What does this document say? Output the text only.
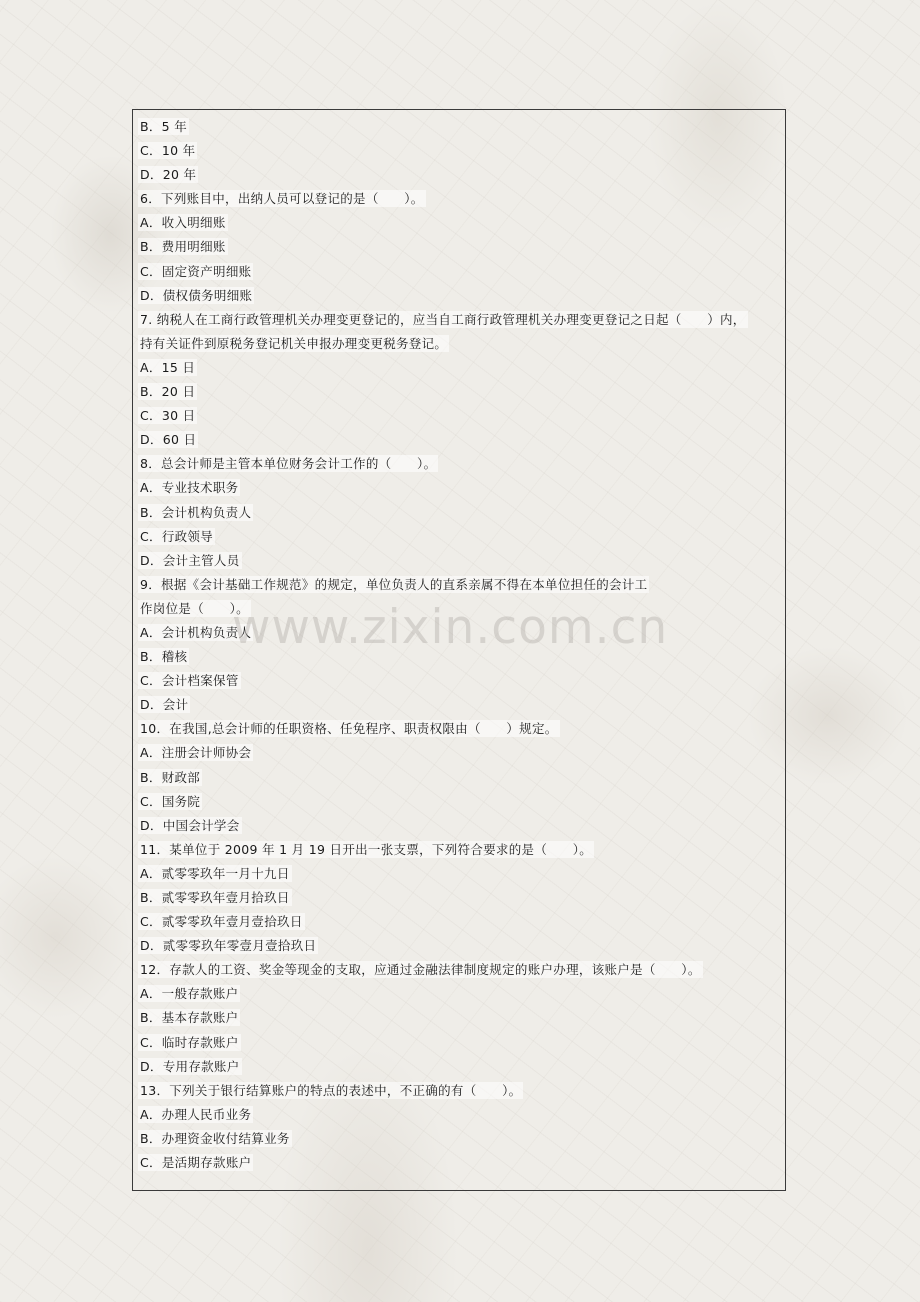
B．5 年
C．10 年
D．20 年
6．下列账目中，出纳人员可以登记的是（　　）。
A．收入明细账
B．费用明细账
C．固定资产明细账
D．债权债务明细账
7. 纳税人在工商行政管理机关办理变更登记的，应当自工商行政管理机关办理变更登记之日起（　　）内，
持有关证件到原税务登记机关申报办理变更税务登记。
A．15 日
B．20 日
C．30 日
D．60 日
8．总会计师是主管本单位财务会计工作的（　　）。
A．专业技术职务
B．会计机构负责人
C．行政领导
D．会计主管人员
9．根据《会计基础工作规范》的规定，单位负责人的直系亲属不得在本单位担任的会计工
作岗位是（　　）。
A．会计机构负责人
B．稽核
C．会计档案保管
D．会计
10．在我国,总会计师的任职资格、任免程序、职责权限由（　　）规定。
A．注册会计师协会
B．财政部
C．国务院
D．中国会计学会
11．某单位于 2009 年 1 月 19 日开出一张支票，下列符合要求的是（　　）。
A．贰零零玖年一月十九日
B．贰零零玖年壹月拾玖日
C．贰零零玖年壹月壹拾玖日
D．贰零零玖年零壹月壹拾玖日
12．存款人的工资、奖金等现金的支取，应通过金融法律制度规定的账户办理，该账户是（　　）。
A．一般存款账户
B．基本存款账户
C．临时存款账户
D．专用存款账户
13．下列关于银行结算账户的特点的表述中，不正确的有（　　）。
A．办理人民币业务
B．办理资金收付结算业务
C．是活期存款账户
www.zixin.com.cn
